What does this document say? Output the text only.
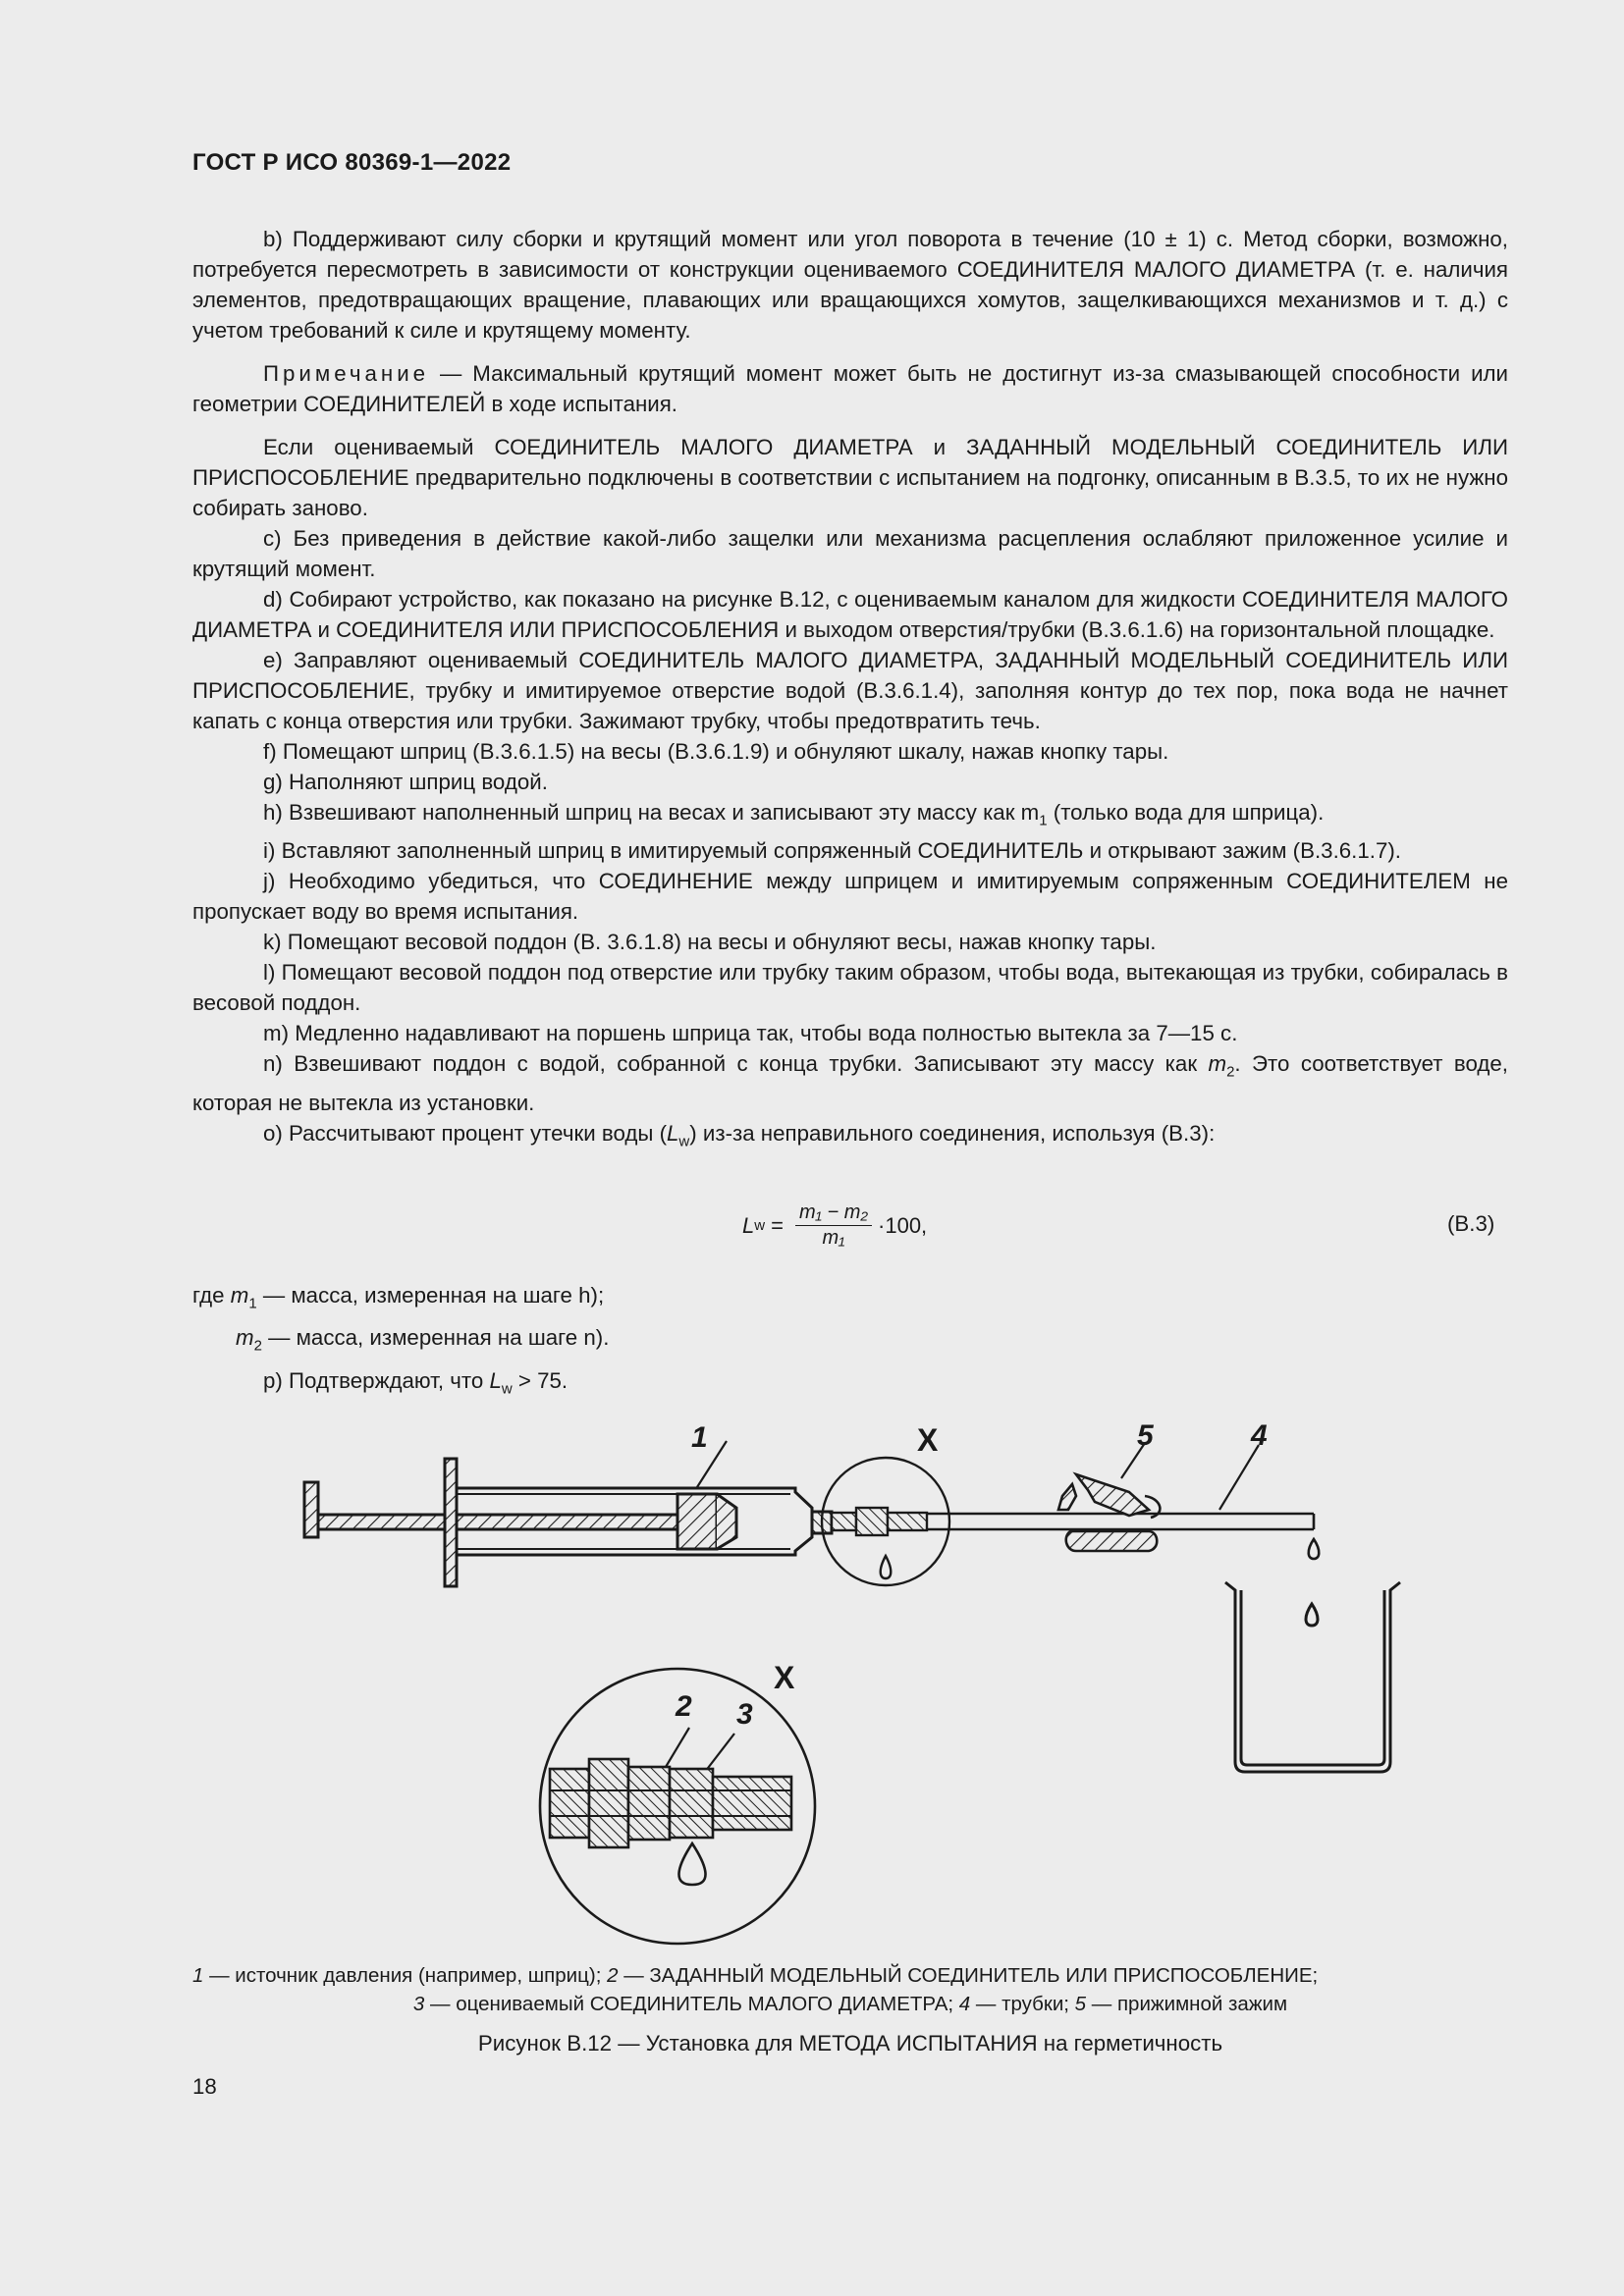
ГОСТ Р ИСО 80369-1—2022

b) Поддерживают силу сборки и крутящий момент или угол поворота в течение (10 ± 1) с. Метод сборки, возможно, потребуется пересмотреть в зависимости от конструкции оцениваемого СОЕДИНИТЕЛЯ МАЛОГО ДИАМЕТРА (т. е. наличия элементов, предотвращающих вращение, плавающих или вращающихся хомутов, защелкивающихся механизмов и т. д.) с учетом требований к силе и крутящему моменту.

Примечание — Максимальный крутящий момент может быть не достигнут из-за смазывающей способности или геометрии СОЕДИНИТЕЛЕЙ в ходе испытания.

Если оцениваемый СОЕДИНИТЕЛЬ МАЛОГО ДИАМЕТРА и ЗАДАННЫЙ МОДЕЛЬНЫЙ СОЕДИНИТЕЛЬ ИЛИ ПРИСПОСОБЛЕНИЕ предварительно подключены в соответствии с испытанием на подгонку, описанным в В.3.5, то их не нужно собирать заново.

c) Без приведения в действие какой-либо защелки или механизма расцепления ослабляют приложенное усилие и крутящий момент.

d) Собирают устройство, как показано на рисунке В.12, с оцениваемым каналом для жидкости СОЕДИНИТЕЛЯ МАЛОГО ДИАМЕТРА и СОЕДИНИТЕЛЯ ИЛИ ПРИСПОСОБЛЕНИЯ и выходом отверстия/трубки (В.3.6.1.6) на горизонтальной площадке.

e) Заправляют оцениваемый СОЕДИНИТЕЛЬ МАЛОГО ДИАМЕТРА, ЗАДАННЫЙ МОДЕЛЬНЫЙ СОЕДИНИТЕЛЬ ИЛИ ПРИСПОСОБЛЕНИЕ, трубку и имитируемое отверстие водой (В.3.6.1.4), заполняя контур до тех пор, пока вода не начнет капать с конца отверстия или трубки. Зажимают трубку, чтобы предотвратить течь.

f) Помещают шприц (В.3.6.1.5) на весы (В.3.6.1.9) и обнуляют шкалу, нажав кнопку тары.

g) Наполняют шприц водой.

h) Взвешивают наполненный шприц на весах и записывают эту массу как $m_1$ (только вода для шприца).

i) Вставляют заполненный шприц в имитируемый сопряженный СОЕДИНИТЕЛЬ и открывают зажим (В.3.6.1.7).

j) Необходимо убедиться, что СОЕДИНЕНИЕ между шприцем и имитируемым сопряженным СОЕДИНИТЕЛЕМ не пропускает воду во время испытания.

k) Помещают весовой поддон (В. 3.6.1.8) на весы и обнуляют весы, нажав кнопку тары.

l) Помещают весовой поддон под отверстие или трубку таким образом, чтобы вода, вытекающая из трубки, собиралась в весовой поддон.

m) Медленно надавливают на поршень шприца так, чтобы вода полностью вытекла за 7—15 с.

n) Взвешивают поддон с водой, собранной с конца трубки. Записывают эту массу как $m_2$. Это соответствует воде, которая не вытекла из установки.

o) Рассчитывают процент утечки воды $(L_w)$ из-за неправильного соединения, используя (В.3):

L $w = \frac{\text{m₁ − m₂}}{\text{m₁}} \cdot 100$,	(В.3)

где $m_1$ — масса, измеренная на шаге h);

$m_2$ — масса, измеренная на шаге n).

p) Подтверждают, что $L_w > 75$.

1	5	4
X
2 3
X

1 — источник давления (например, шприц); 2 — ЗАДАННЫЙ МОДЕЛЬНЫЙ СОЕДИНИТЕЛЬ ИЛИ ПРИСПОСОБЛЕНИЕ;

3 — оцениваемый СОЕДИНИТЕЛЬ МАЛОГО ДИАМЕТРА; 4 — трубки; 5 — прижимной зажим

Рисунок В.12 — Установка для МЕТОДА ИСПЫТАНИЯ на герметичность
18
